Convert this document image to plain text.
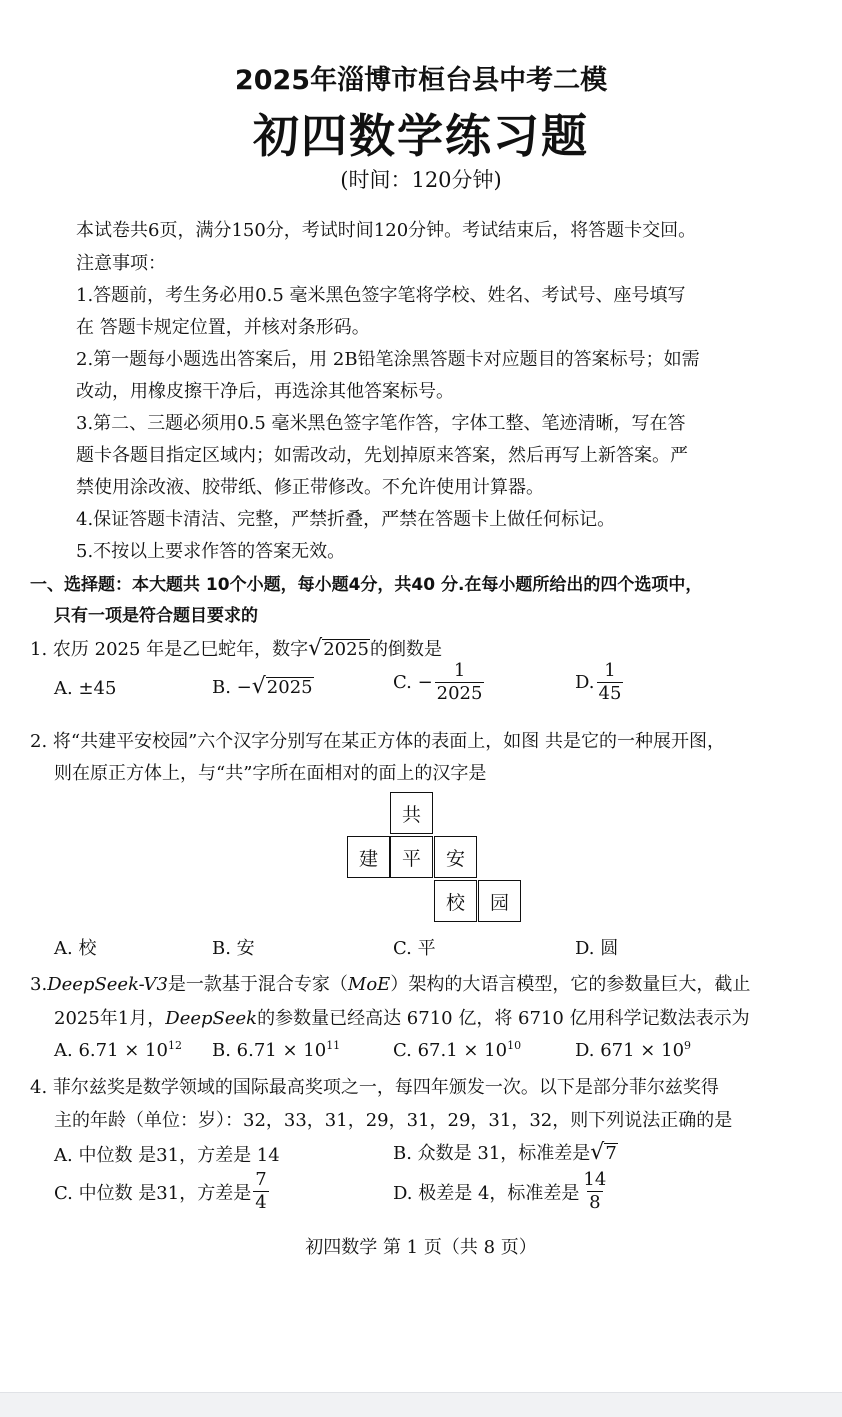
2025年淄博市桓台县中考二模
初四数学练习题
(时间：120分钟)
本试卷共6页，满分150分，考试时间120分钟。考试结束后，将答题卡交回。
注意事项：
1.答题前，考生务必用0.5 毫米黑色签字笔将学校、姓名、考试号、座号填写
在 答题卡规定位置，并核对条形码。
2.第一题每小题选出答案后，用 2B铅笔涂黑答题卡对应题目的答案标号；如需
改动，用橡皮擦干净后，再选涂其他答案标号。
3.第二、三题必须用0.5 毫米黑色签字笔作答，字体工整、笔迹清晰，写在答
题卡各题目指定区域内；如需改动，先划掉原来答案，然后再写上新答案。严
禁使用涂改液、胶带纸、修正带修改。不允许使用计算器。
4.保证答题卡清洁、完整，严禁折叠，严禁在答题卡上做任何标记。
5.不按以上要求作答的答案无效。
一、选择题：本大题共 10个小题，每小题4分，共40 分.在每小题所给出的四个选项中，
只有一项是符合题目要求的
1. 农历 2025 年是乙巳蛇年，数字 √ 2025 的倒数是
A. ±45	B. − √ 2025	C. − $\frac{1}{2025}$	D. $\frac{1}{45}$
2. 将“共建平安校园”六个汉字分别写在某正方体的表面上，如图 共是它的一种展开图，
则在原正方体上，与“共”字所在面相对的面上的汉字是
共
建	平	安
校	园
A. 校	B. 安	C. 平	D. 圆
3.DeepSeek-V3是一款基于混合专家（MoE）架构的大语言模型，它的参数量巨大，截止
2025年1月，DeepSeek的参数量已经高达 6710 亿，将 6710 亿用科学记数法表示为
A. $6.71 \times 10^{12}$ B. $6.71 \times 10^{11}$	C. $67.1 \times 10^{10}$	D. $671 \times 10^9$
4. 菲尔兹奖是数学领域的国际最高奖项之一，每四年颁发一次。以下是部分菲尔兹奖得
主的年龄（单位：岁）：32，33，31，29，31，29，31，32，则下列说法正确的是
A. 中位数 是31，方差是 14	B. 众数是 31，标准差是 √ 7
C. 中位数 是31，方差是 $\frac{7}{4}$	D. 极差是 4，标准差是 $\frac{14}{8}$
初四数学 第 1 页（共 8 页）
